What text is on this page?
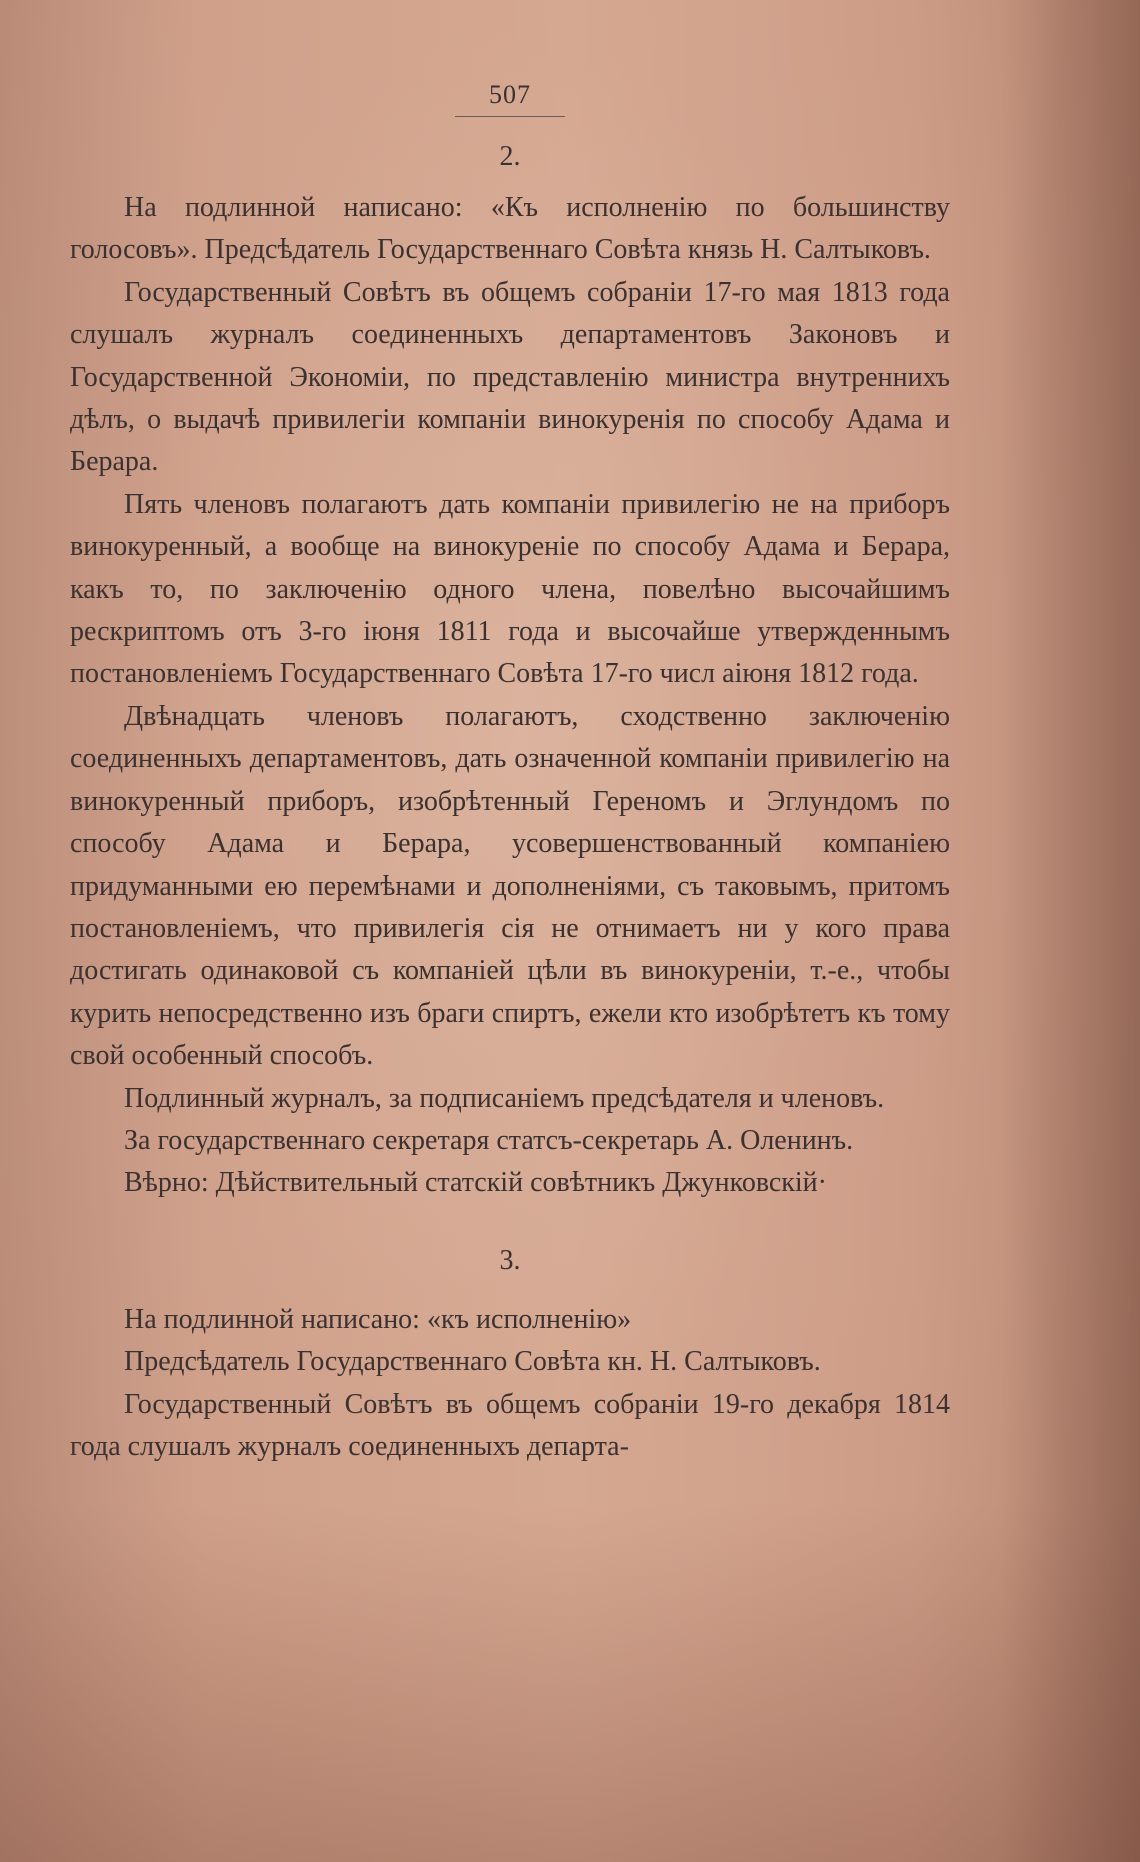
507
2.

На подлинной написано: «Къ исполненію по большинству голосовъ». Предсѣдатель Государственнаго Совѣта князь Н. Салтыковъ.

Государственный Совѣтъ въ общемъ собраніи 17-го мая 1813 года слушалъ журналъ соединенныхъ департаментовъ Законовъ и Государственной Экономіи, по представленію министра внутреннихъ дѣлъ, о выдачѣ привилегіи компаніи винокуренія по способу Адама и Берара.

Пять членовъ полагаютъ дать компаніи привилегію не на приборъ винокуренный, а вообще на винокуреніе по способу Адама и Берара, какъ то, по заключенію одного члена, повелѣно высочайшимъ рескриптомъ отъ 3-го іюня 1811 года и высочайше утвержденнымъ постановленіемъ Государственнаго Совѣта 17-го числ аіюня 1812 года.

Двѣнадцать членовъ полагаютъ, сходственно заключенію соединенныхъ департаментовъ, дать означенной компаніи привилегію на винокуренный приборъ, изобрѣтенный Гереномъ и Эглундомъ по способу Адама и Берара, усовершенствованный компаніею придуманными ею перемѣнами и дополненіями, съ таковымъ, притомъ постановленіемъ, что привилегія сія не отнимаетъ ни у кого права достигать одинаковой съ компаніей цѣли въ винокуреніи, т.-е., чтобы курить непосредственно изъ браги спиртъ, ежели кто изобрѣтетъ къ тому свой особенный способъ.

Подлинный журналъ, за подписаніемъ предсѣдателя и членовъ.

За государственнаго секретаря статсъ-секретарь А. Оленинъ.

Вѣрно: Дѣйствительный статскій совѣтникъ Джунковскій·

3.

На подлинной написано: «къ исполненію»

Предсѣдатель Государственнаго Совѣта кн. Н. Салтыковъ.

Государственный Совѣтъ въ общемъ собраніи 19-го декабря 1814 года слушалъ журналъ соединенныхъ департа-
